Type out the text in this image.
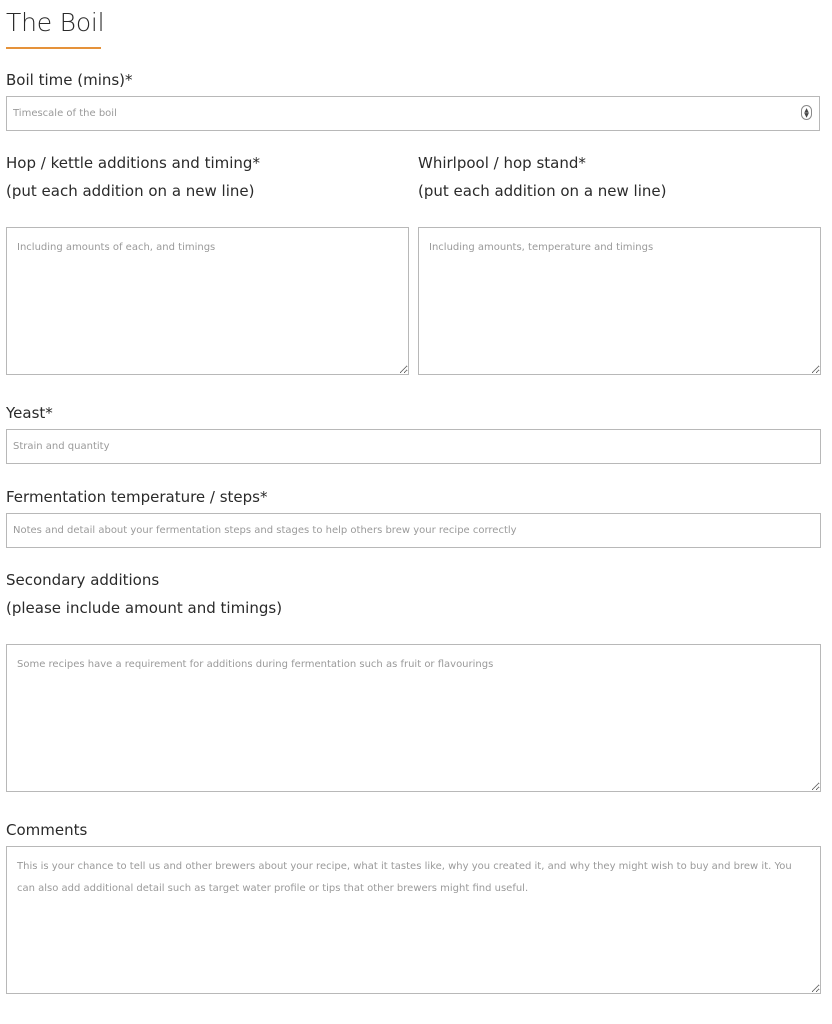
The Boil
Boil time (mins)*
Timescale of the boil
▲
▼
Hop / kettle additions and timing*
(put each addition on a new line)
Including amounts of each, and timings
Whirlpool / hop stand*
(put each addition on a new line)
Including amounts, temperature and timings
Yeast*
Strain and quantity
Fermentation temperature / steps*
Notes and detail about your fermentation steps and stages to help others brew your recipe correctly
Secondary additions
(please include amount and timings)
Some recipes have a requirement for additions during fermentation such as fruit or flavourings
Comments
This is your chance to tell us and other brewers about your recipe, what it tastes like, why you created it, and why they might wish to buy and brew it. You can also add additional detail such as target water profile or tips that other brewers might find useful.
